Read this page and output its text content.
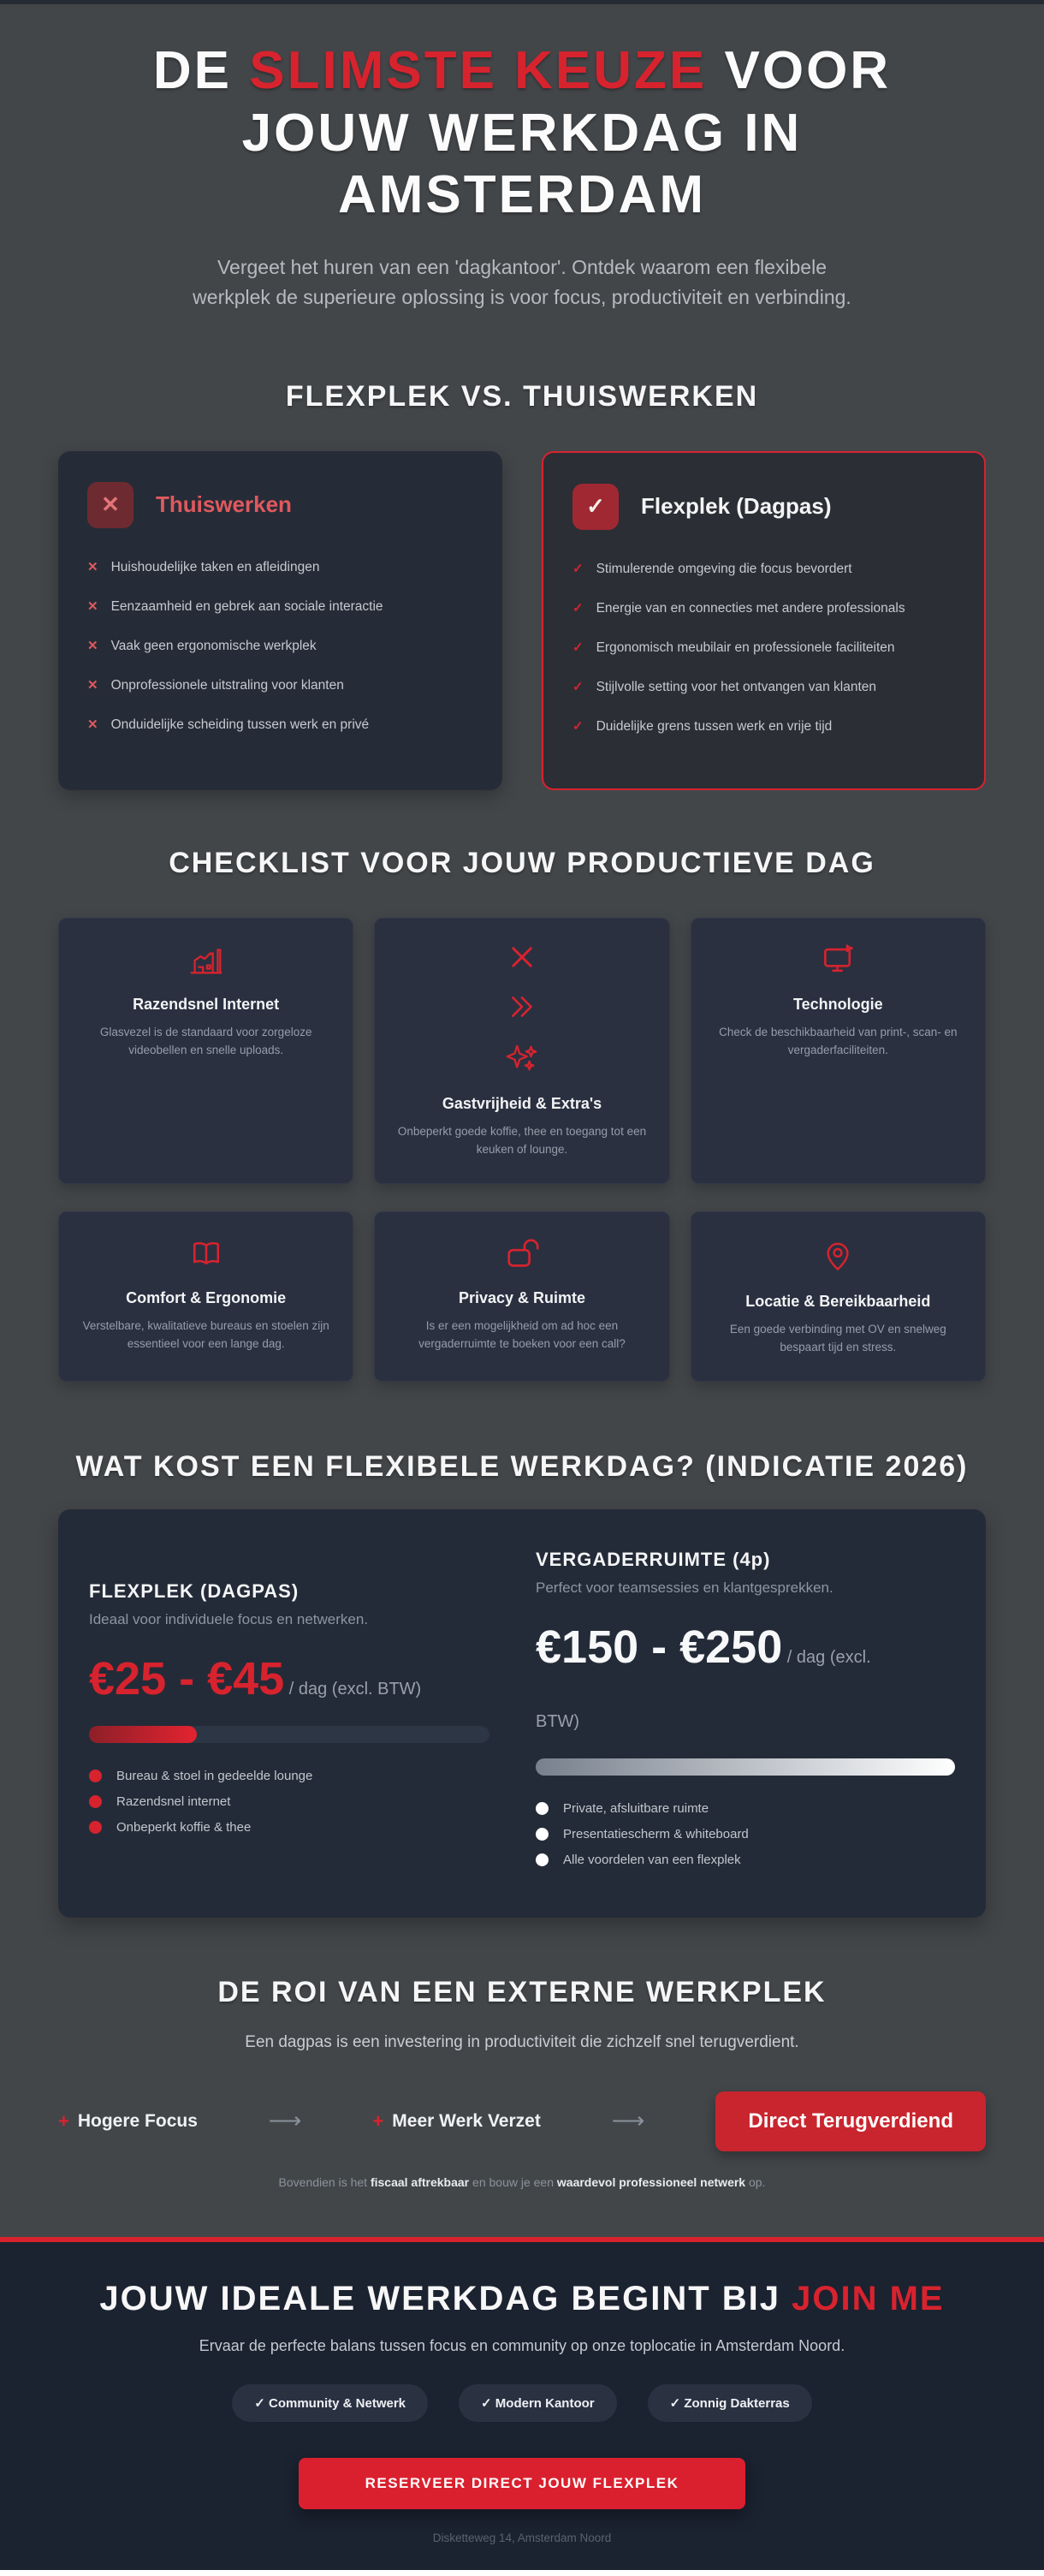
DE SLIMSTE KEUZE VOOR JOUW WERKDAG IN AMSTERDAM

Vergeet het huren van een 'dagkantoor'. Ontdek waarom een flexibele werkplek de superieure oplossing is voor focus, productiviteit en verbinding.

FLEXPLEK VS. THUISWERKEN
✕	Thuiswerken
✕ Huishoudelijke taken en afleidingen
✕ Eenzaamheid en gebrek aan sociale interactie
✕ Vaak geen ergonomische werkplek
✕ Onprofessionele uitstraling voor klanten
✕ Onduidelijke scheiding tussen werk en privé
✓	Flexplek (Dagpas)
✓ Stimulerende omgeving die focus bevordert
✓ Energie van en connecties met andere professionals
✓ Ergonomisch meubilair en professionele faciliteiten
✓ Stijlvolle setting voor het ontvangen van klanten
✓ Duidelijke grens tussen werk en vrije tijd
CHECKLIST VOOR JOUW PRODUCTIEVE DAG
Razendsnel Internet

Glasvezel is de standaard voor zorgeloze videobellen en snelle uploads.

Gastvrijheid & Extra's

Onbeperkt goede koffie, thee en toegang tot een keuken of lounge.

Technologie

Check de beschikbaarheid van print-, scan- en vergaderfaciliteiten.

Comfort & Ergonomie

Verstelbare, kwalitatieve bureaus en stoelen zijn essentieel voor een lange dag.

Privacy & Ruimte

Is er een mogelijkheid om ad hoc een vergaderruimte te boeken voor een call?

Locatie & Bereikbaarheid

Een goede verbinding met OV en snelweg bespaart tijd en stress.

WAT KOST EEN FLEXIBELE WERKDAG? (INDICATIE 2026)
FLEXPLEK (DAGPAS)

Ideaal voor individuele focus en netwerken.

€25 - €45 / dag (excl. BTW)

Bureau & stoel in gedeelde lounge
Razendsnel internet
Onbeperkt koffie & thee
VERGADERRUIMTE (4p)

Perfect voor teamsessies en klantgesprekken.

€150 - €250 / dag (excl. BTW)

Private, afsluitbare ruimte
Presentatiescherm & whiteboard
Alle voordelen van een flexplek
DE ROI VAN EEN EXTERNE WERKPLEK

Een dagpas is een investering in productiviteit die zichzelf snel terugverdient.

+ Hogere Focus	⟶	+ Meer Werk Verzet	⟶	Direct Terugverdiend

Bovendien is het fiscaal aftrekbaar en bouw je een waardevol professioneel netwerk op.

JOUW IDEALE WERKDAG BEGINT BIJ JOIN ME

Ervaar de perfecte balans tussen focus en community op onze toplocatie in Amsterdam Noord.

✓ Community & Netwerk	✓ Modern Kantoor	✓ Zonnig Dakterras
RESERVEER DIRECT JOUW FLEXPLEK

Disketteweg 14, Amsterdam Noord
